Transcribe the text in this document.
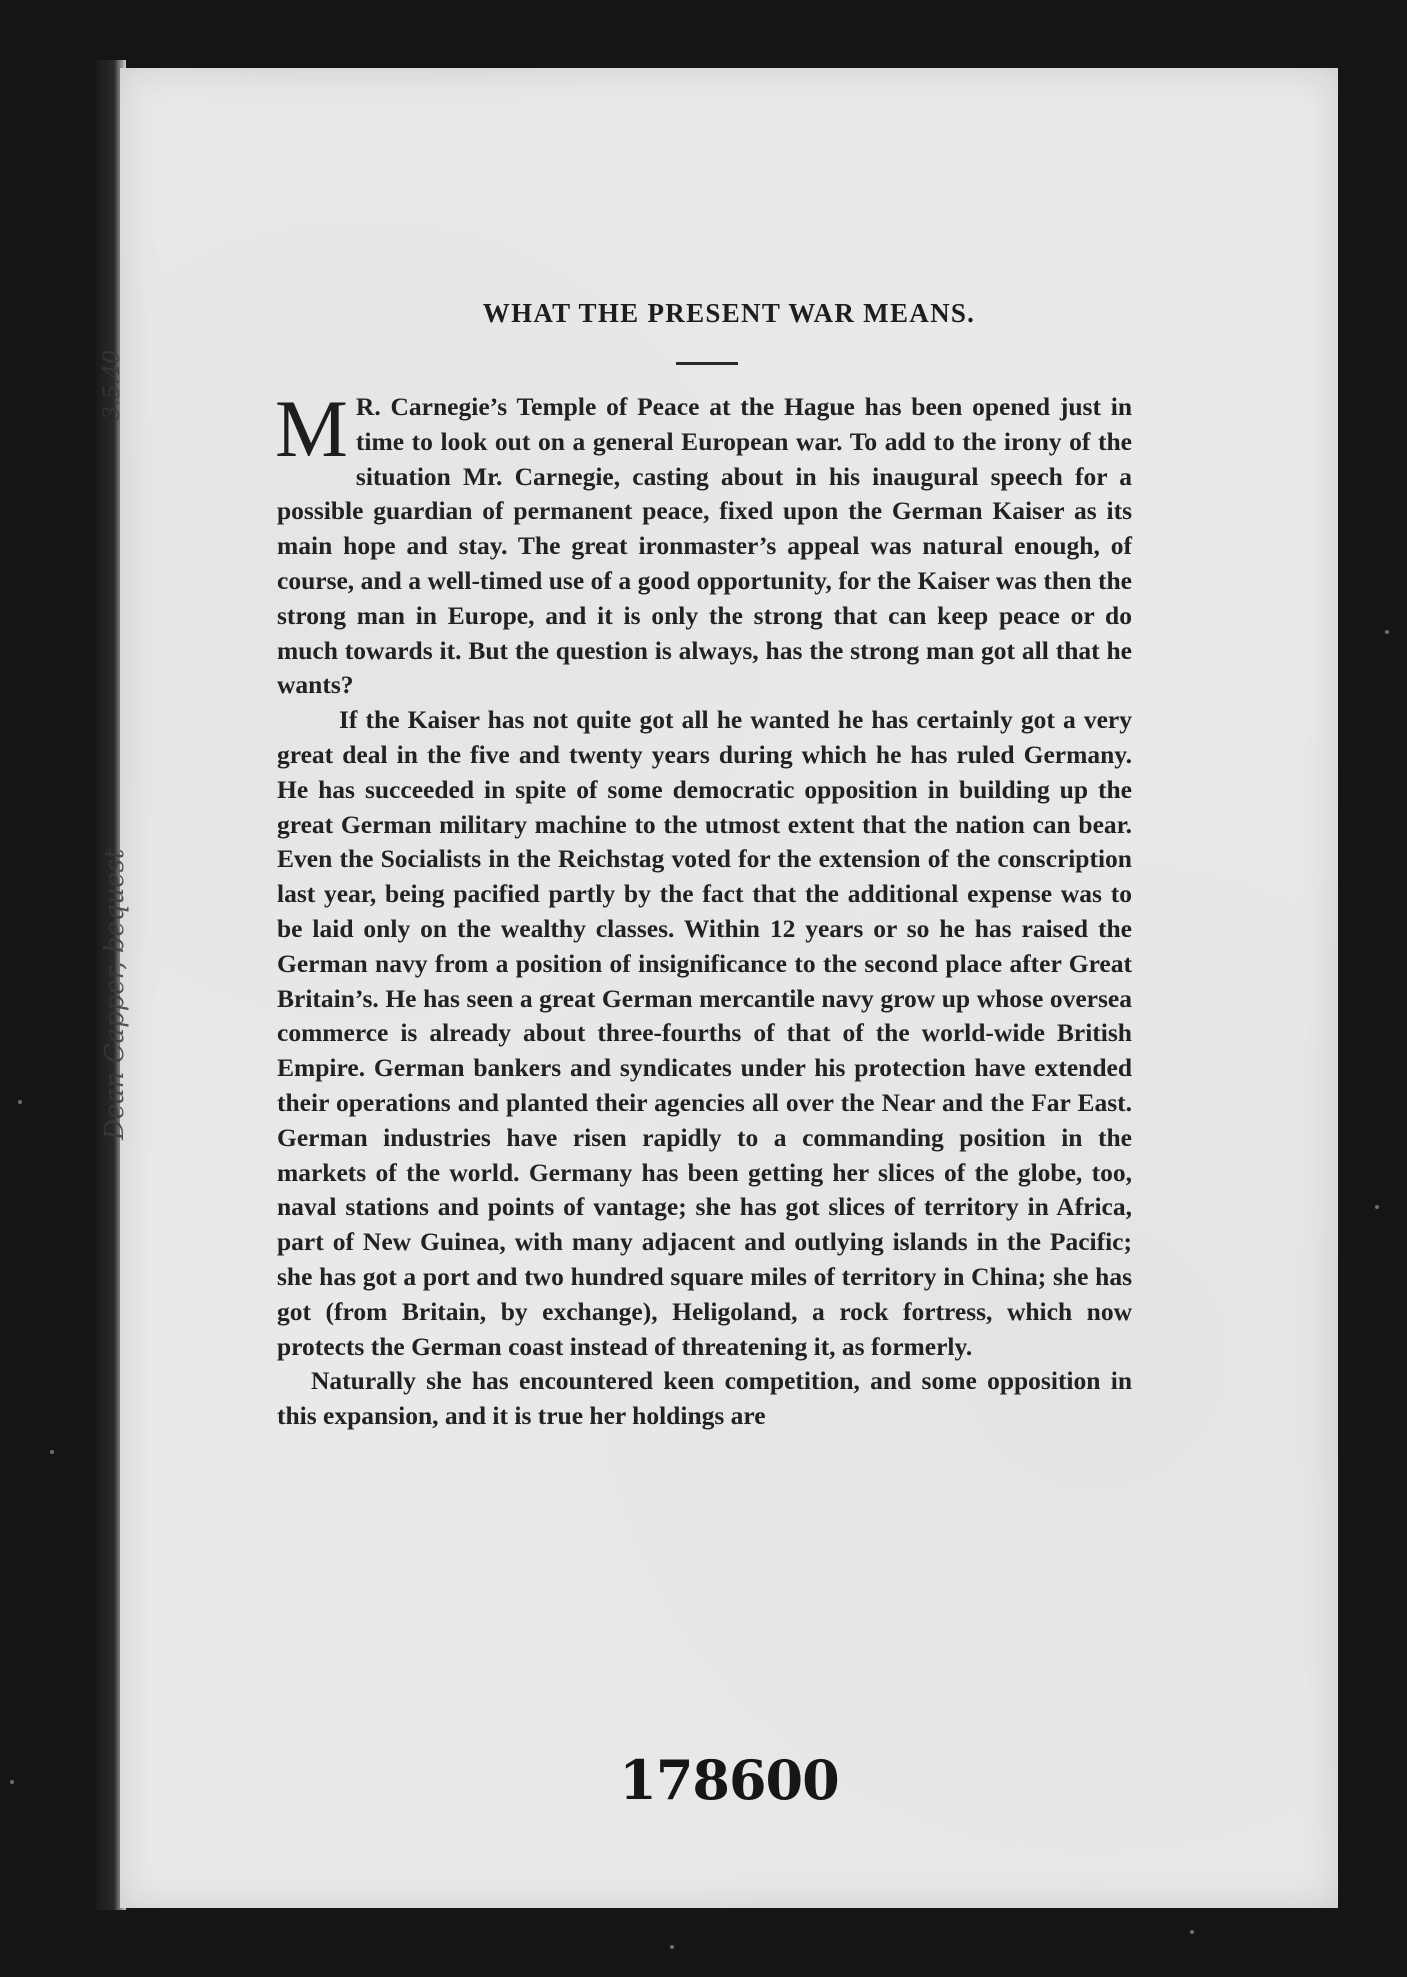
3.5.40
Dean
WHAT THE PRESENT WAR MEANS.

M R. Carnegie’s Temple of Peace at the Hague has been opened just in time to look out on a general European war. To add to the irony of the situation Mr. Carnegie, casting about in his inaugural speech for a possible guardian of permanent peace, fixed upon the German Kaiser as its main hope and stay. The great ironmaster’s appeal was natural enough, of course, and a well-timed use of a good opportunity, for the Kaiser was then the strong man in Europe, and it is only the strong that can keep peace or do much towards it. But the question is always, has the strong man got all that he wants?

If the Kaiser has not quite got all he wanted he has certainly got a very great deal in the five and twenty years during which he has ruled Germany. He has succeeded in spite of some democratic opposition in building up the great German military machine to the utmost extent that the nation can bear. Even the Socialists in the Reichstag voted for the extension of the conscription last year, being pacified partly by the fact that the additional expense was to be laid only on the wealthy classes. Within 12 years or so he has raised the German navy from a position of insignificance to the second place after Great Britain’s. He has seen a great German mercantile navy grow up whose oversea commerce is already about three-fourths of that of the world-wide British Empire. German bankers and syndicates under his protection have extended their operations and planted their agencies all over the Near and the Far East. German industries have risen rapidly to a commanding position in the markets of the world. Germany has been getting her slices of the globe, too, naval stations and points of vantage; she has got slices of territory in Africa, part of New Guinea, with many adjacent and outlying islands in the Pacific; she has got a port and two hundred square miles of territory in China; she has got (from Britain, by exchange), Heligoland, a rock fortress, which now protects the German coast instead of threatening it, as formerly.

Naturally she has encountered keen competition, and some opposition in this expansion, and it is true her holdings are

178600
